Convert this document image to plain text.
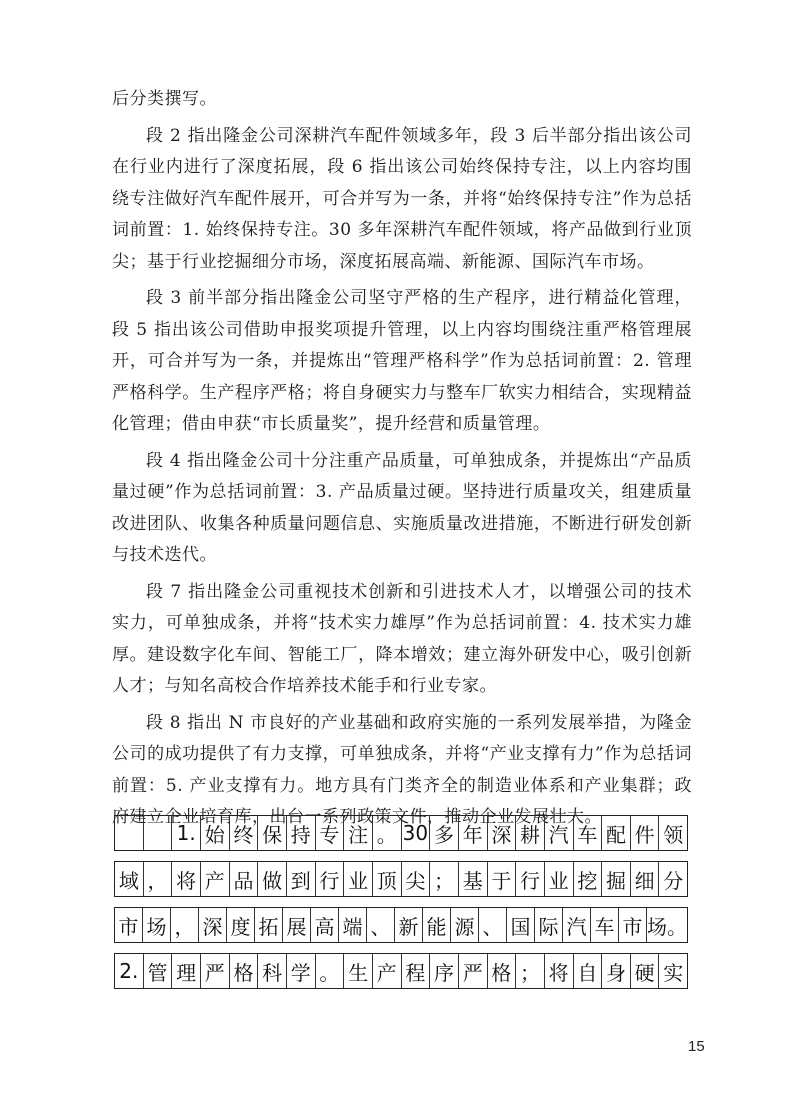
后分类撰写。

段 2 指出隆金公司深耕汽车配件领域多年，段 3 后半部分指出该公司在行业内进行了深度拓展，段 6 指出该公司始终保持专注，以上内容均围绕专注做好汽车配件展开，可合并写为一条，并将“始终保持专注”作为总括词前置：1. 始终保持专注。30 多年深耕汽车配件领域，将产品做到行业顶尖；基于行业挖掘细分市场，深度拓展高端、新能源、国际汽车市场。

段 3 前半部分指出隆金公司坚守严格的生产程序，进行精益化管理，段 5 指出该公司借助申报奖项提升管理，以上内容均围绕注重严格管理展开，可合并写为一条，并提炼出“管理严格科学”作为总括词前置：2. 管理严格科学。生产程序严格；将自身硬实力与整车厂软实力相结合，实现精益化管理；借由申获“市长质量奖”，提升经营和质量管理。

段 4 指出隆金公司十分注重产品质量，可单独成条，并提炼出“产品质量过硬”作为总括词前置：3. 产品质量过硬。坚持进行质量攻关，组建质量改进团队、收集各种质量问题信息、实施质量改进措施，不断进行研发创新与技术迭代。

段 7 指出隆金公司重视技术创新和引进技术人才，以增强公司的技术实力，可单独成条，并将“技术实力雄厚”作为总括词前置：4. 技术实力雄厚。建设数字化车间、智能工厂，降本增效；建立海外研发中心，吸引创新人才；与知名高校合作培养技术能手和行业专家。

段 8 指出 N 市良好的产业基础和政府实施的一系列发展举措，为隆金公司的成功提供了有力支撑，可单独成条，并将“产业支撑有力”作为总括词前置：5. 产业支撑有力。地方具有门类齐全的制造业体系和产业集群；政府建立企业培育库，出台一系列政策文件，推动企业发展壮大。

1. 始 终 保 持 专 注 。 30 多 年 深 耕 汽 车 配 件 领
域 ， 将 产 品 做 到 行 业 顶 尖 ； 基 于 行 业 挖 掘 细 分
市 场 ， 深 度 拓 展 高 端 、 新 能 源 、 国 际 汽 车 市 场。
2. 管 理 严 格 科 学 。 生 产 程 序 严 格 ； 将 自 身 硬 实
15
